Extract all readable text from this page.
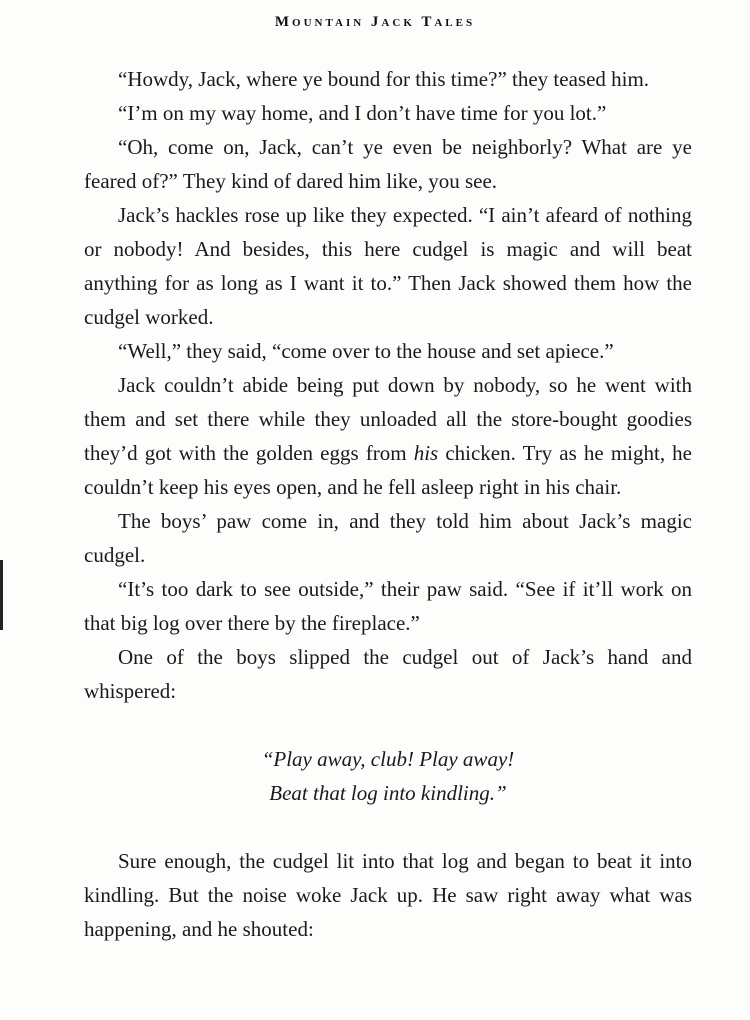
Mountain Jack Tales

“Howdy, Jack, where ye bound for this time?” they teased him.

“I’m on my way home, and I don’t have time for you lot.”

“Oh, come on, Jack, can’t ye even be neighborly? What are ye feared of?” They kind of dared him like, you see.

Jack’s hackles rose up like they expected. “I ain’t afeard of nothing or nobody! And besides, this here cudgel is magic and will beat anything for as long as I want it to.” Then Jack showed them how the cudgel worked.

“Well,” they said, “come over to the house and set apiece.”

Jack couldn’t abide being put down by nobody, so he went with them and set there while they unloaded all the store-bought goodies they’d got with the golden eggs from his chicken. Try as he might, he couldn’t keep his eyes open, and he fell asleep right in his chair.

The boys’ paw come in, and they told him about Jack’s magic cudgel.

“It’s too dark to see outside,” their paw said. “See if it’ll work on that big log over there by the fireplace.”

One of the boys slipped the cudgel out of Jack’s hand and whispered:

“Play away, club! Play away!
Beat that log into kindling.”

Sure enough, the cudgel lit into that log and began to beat it into kindling. But the noise woke Jack up. He saw right away what was happening, and he shouted:
